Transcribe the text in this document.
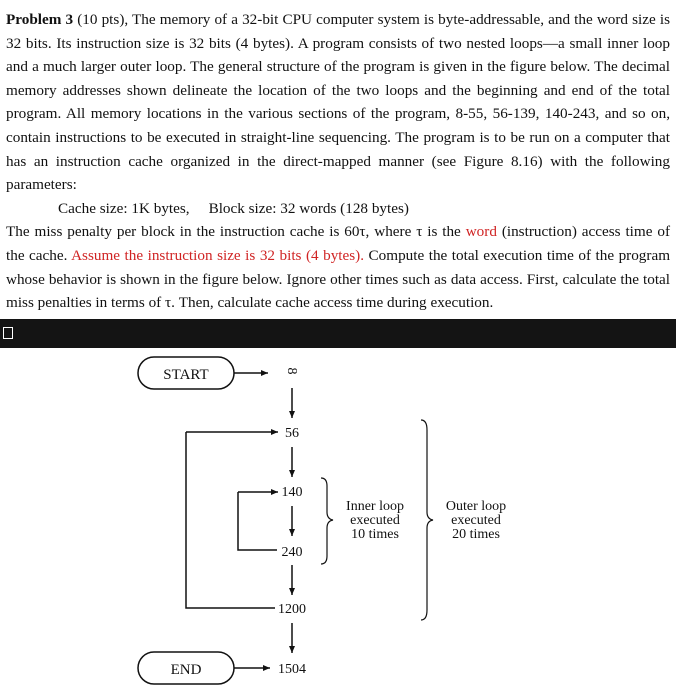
Problem 3 (10 pts), The memory of a 32-bit CPU computer system is byte-addressable, and the word size is 32 bits. Its instruction size is 32 bits (4 bytes). A program consists of two nested loops—a small inner loop and a much larger outer loop. The general structure of the program is given in the figure below. The decimal memory addresses shown delineate the location of the two loops and the beginning and end of the total program. All memory locations in the various sections of the program, 8-55, 56-139, 140-243, and so on, contain instructions to be executed in straight-line sequencing. The program is to be run on a computer that has an instruction cache organized in the direct-mapped manner (see Figure 8.16) with the following parameters:

Cache size: 1K bytes,     Block size: 32 words (128 bytes)

The miss penalty per block in the instruction cache is 60τ, where τ is the word (instruction) access time of the cache. Assume the instruction size is 32 bits (4 bytes). Compute the total execution time of the program whose behavior is shown in the figure below. Ignore other times such as data access. First, calculate the total miss penalties in terms of τ. Then, calculate cache access time during execution.

START
END
8
56
140
240
1200
1504
Inner loop
executed
10 times
Outer loop
executed
20 times
